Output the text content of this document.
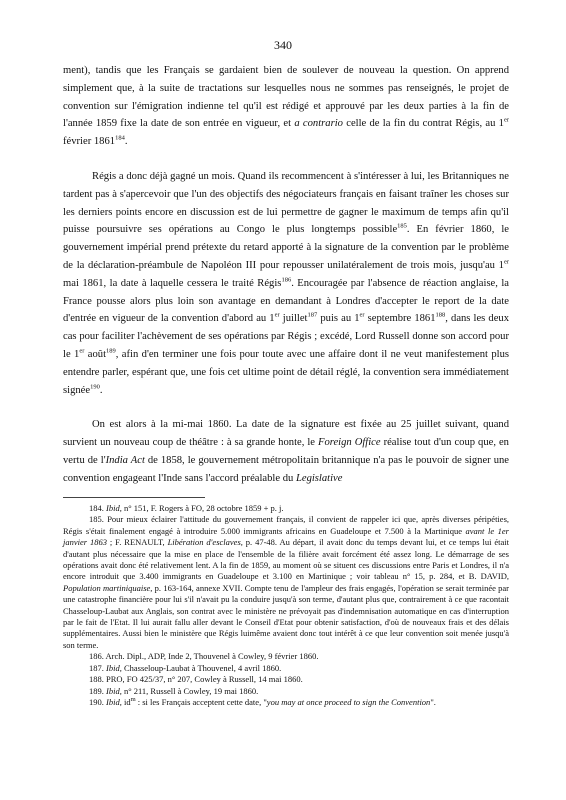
340

ment), tandis que les Français se gardaient bien de soulever de nouveau la question. On apprend simplement que, à la suite de tractations sur lesquelles nous ne sommes pas renseignés, le projet de convention sur l'émigration indienne tel qu'il est rédigé et approuvé par les deux parties à la fin de l'année 1859 fixe la date de son entrée en vigueur, et a contrario celle de la fin du contrat Régis, au 1er février 1861$^{184}$.

Régis a donc déjà gagné un mois. Quand ils recommencent à s'intéresser à lui, les Britanniques ne tardent pas à s'apercevoir que l'un des objectifs des négociateurs français en faisant traîner les choses sur les derniers points encore en discussion est de lui permettre de gagner le maximum de temps afin qu'il puisse poursuivre ses opérations au Congo le plus longtemps possible$^{185}$. En février 1860, le gouvernement impérial prend prétexte du retard apporté à la signature de la convention par le problème de la déclaration-préambule de Napoléon III pour repousser unilatéralement de trois mois, jusqu'au 1er mai 1861, la date à laquelle cessera le traité Régis$^{186}$. Encouragée par l'absence de réaction anglaise, la France pousse alors plus loin son avantage en demandant à Londres d'accepter le report de la date d'entrée en vigueur de la convention d'abord au 1er juillet$^{187}$ puis au 1er septembre 1861$^{188}$, dans les deux cas pour faciliter l'achèvement de ses opérations par Régis ; excédé, Lord Russell donne son accord pour le 1er août$^{189}$, afin d'en terminer une fois pour toute avec une affaire dont il ne veut manifestement plus entendre parler, espérant que, une fois cet ultime point de détail réglé, la convention sera immédiatement signée$^{190}$.

On est alors à la mi-mai 1860. La date de la signature est fixée au 25 juillet suivant, quand survient un nouveau coup de théâtre : à sa grande honte, le Foreign Office réalise tout d'un coup que, en vertu de l'India Act de 1858, le gouvernement métropolitain britannique n'a pas le pouvoir de signer une convention engageant l'Inde sans l'accord préalable du Legislative

184. Ibid, n° 151, F. Rogers à FO, 28 octobre 1859 + p. j.

185. Pour mieux éclairer l'attitude du gouvernement français, il convient de rappeler ici que, après diverses péripéties, Régis s'était finalement engagé à introduire 5.000 immigrants africains en Guadeloupe et 7.500 à la Martinique avant le 1er janvier 1863 ; F. RENAULT, Libération d'esclaves, p. 47-48. Au départ, il avait donc du temps devant lui, et ce temps lui était d'autant plus nécessaire que la mise en place de l'ensemble de la filière avait forcément été assez long. Le démarrage de ses opérations avait donc été relativement lent. A la fin de 1859, au moment où se situent ces discussions entre Paris et Londres, il n'a encore introduit que 3.400 immigrants en Guadeloupe et 3.100 en Martinique ; voir tableau n° 15, p. 284, et B. DAVID, Population martiniquaise, p. 163-164, annexe XVII. Compte tenu de l'ampleur des frais engagés, l'opération se serait terminée par une catastrophe financière pour lui s'il n'avait pu la conduire jusqu'à son terme, d'autant plus que, contrairement à ce que racontait Chasseloup-Laubat aux Anglais, son contrat avec le ministère ne prévoyait pas d'indemnisation automatique en cas d'interruption par le fait de l'Etat. Il lui aurait fallu aller devant le Conseil d'Etat pour obtenir satisfaction, d'où de nouveaux frais et des délais supplémentaires. Aussi bien le ministère que Régis luimême avaient donc tout intérêt à ce que leur convention soit menée jusqu'à son terme.

186. Arch. Dipl., ADP, Inde 2, Thouvenel à Cowley, 9 février 1860.

187. Ibid, Chasseloup-Laubat à Thouvenel, 4 avril 1860.

188. PRO, FO 425/37, n° 207, Cowley à Russell, 14 mai 1860.

189. Ibid, n° 211, Russell à Cowley, 19 mai 1860.

190. Ibid, $id^m$ : si les Français acceptent cette date, "you may at once proceed to sign the Convention".
